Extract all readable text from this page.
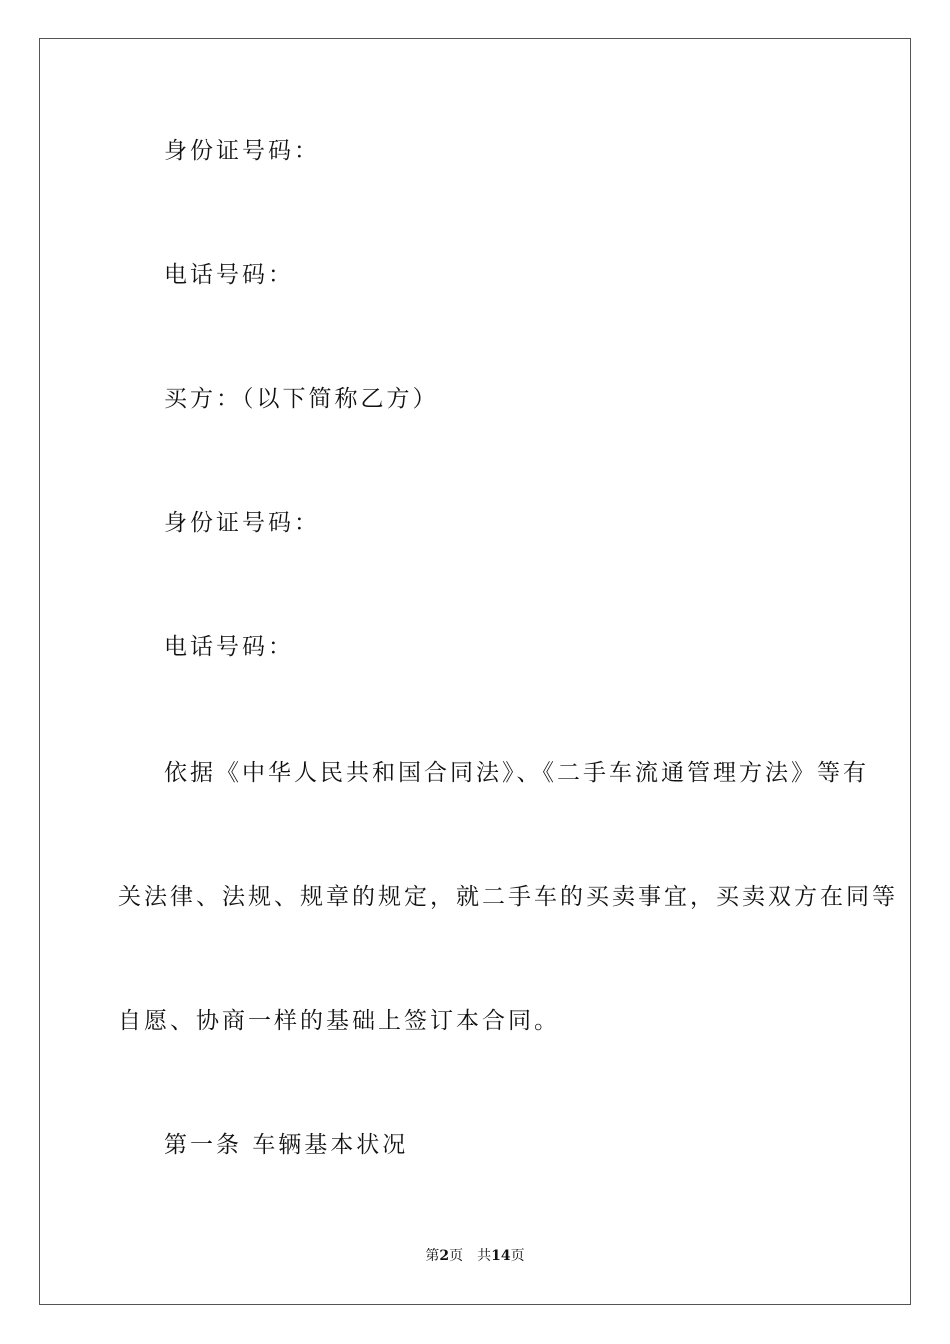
身份证号码：
电话号码：
买方：（以下简称乙方）
身份证号码：
电话号码：
依据《中华人民共和国合同法》、《二手车流通管理方法》等有
关法律、法规、规章的规定，就二手车的买卖事宜，买卖双方在同等
自愿、协商一样的基础上签订本合同。
第一条 车辆基本状况
第2页 共14页
